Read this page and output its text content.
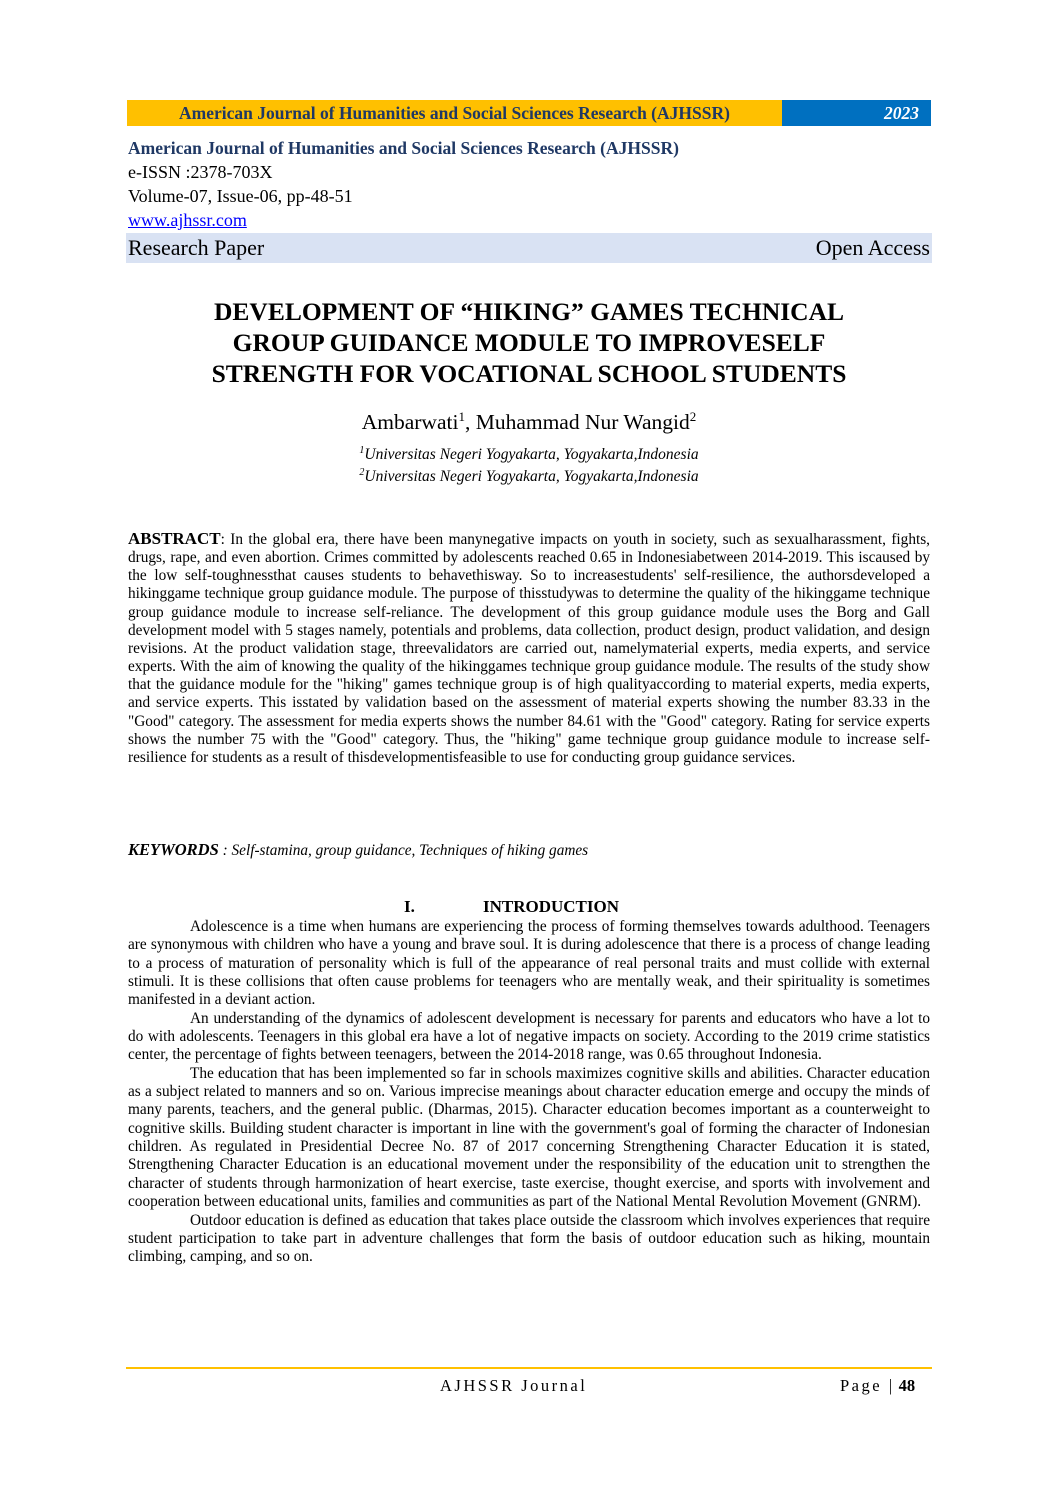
American Journal of Humanities and Social Sciences Research (AJHSSR)	2023
American Journal of Humanities and Social Sciences Research (AJHSSR)
e-ISSN :2378-703X
Volume-07, Issue-06, pp-48-51
www.ajhssr.com
Research Paper	Open Access
DEVELOPMENT OF “HIKING” GAMES TECHNICAL
GROUP GUIDANCE MODULE TO IMPROVESELF
STRENGTH FOR VOCATIONAL SCHOOL STUDENTS
Ambarwati$^1$, Muhammad Nur Wangid$^2$
$^1$Universitas Negeri Yogyakarta, Yogyakarta,Indonesia
$^2$Universitas Negeri Yogyakarta, Yogyakarta,Indonesia
ABSTRACT: In the global era, there have been manynegative impacts on youth in society, such as sexualharassment, fights, drugs, rape, and even abortion. Crimes committed by adolescents reached 0.65 in Indonesiabetween 2014-2019. This iscaused by the low self-toughnessthat causes students to behavethisway. So to increasestudents' self-resilience, the authorsdeveloped a hikinggame technique group guidance module. The purpose of thisstudywas to determine the quality of the hikinggame technique group guidance module to increase self-reliance. The development of this group guidance module uses the Borg and Gall development model with 5 stages namely, potentials and problems, data collection, product design, product validation, and design revisions. At the product validation stage, threevalidators are carried out, namelymaterial experts, media experts, and service experts. With the aim of knowing the quality of the hikinggames technique group guidance module. The results of the study show that the guidance module for the "hiking" games technique group is of high qualityaccording to material experts, media experts, and service experts. This isstated by validation based on the assessment of material experts showing the number 83.33 in the "Good" category. The assessment for media experts shows the number 84.61 with the "Good" category. Rating for service experts shows the number 75 with the "Good" category. Thus, the "hiking" game technique group guidance module to increase self-resilience for students as a result of thisdevelopmentisfeasible to use for conducting group guidance services.
KEYWORDS : Self-stamina, group guidance, Techniques of hiking games
I.	INTRODUCTION

Adolescence is a time when humans are experiencing the process of forming themselves towards adulthood. Teenagers are synonymous with children who have a young and brave soul. It is during adolescence that there is a process of change leading to a process of maturation of personality which is full of the appearance of real personal traits and must collide with external stimuli. It is these collisions that often cause problems for teenagers who are mentally weak, and their spirituality is sometimes manifested in a deviant action.

An understanding of the dynamics of adolescent development is necessary for parents and educators who have a lot to do with adolescents. Teenagers in this global era have a lot of negative impacts on society. According to the 2019 crime statistics center, the percentage of fights between teenagers, between the 2014-2018 range, was 0.65 throughout Indonesia.

The education that has been implemented so far in schools maximizes cognitive skills and abilities. Character education as a subject related to manners and so on. Various imprecise meanings about character education emerge and occupy the minds of many parents, teachers, and the general public. (Dharmas, 2015). Character education becomes important as a counterweight to cognitive skills. Building student character is important in line with the government's goal of forming the character of Indonesian children. As regulated in Presidential Decree No. 87 of 2017 concerning Strengthening Character Education it is stated, Strengthening Character Education is an educational movement under the responsibility of the education unit to strengthen the character of students through harmonization of heart exercise, taste exercise, thought exercise, and sports with involvement and cooperation between educational units, families and communities as part of the National Mental Revolution Movement (GNRM).

Outdoor education is defined as education that takes place outside the classroom which involves experiences that require student participation to take part in adventure challenges that form the basis of outdoor education such as hiking, mountain climbing, camping, and so on.

AJHSSR Journal	Page | 48
